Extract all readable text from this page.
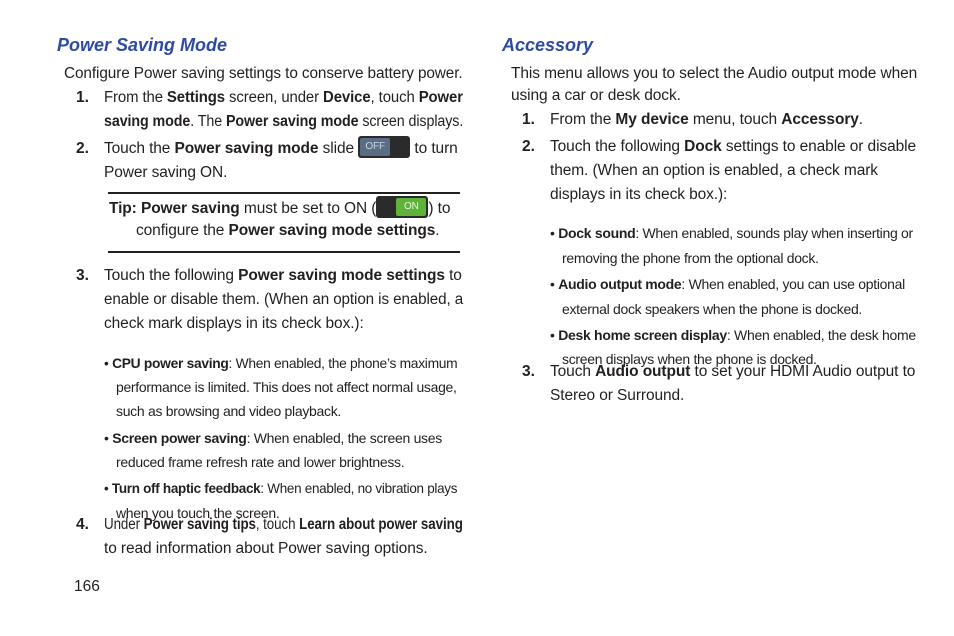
Power Saving Mode

Configure Power saving settings to conserve battery power.

1. From the Settings screen, under Device, touch Power

saving mode. The Power saving mode screen displays.

2. Touch the Power saving mode slide OFF	to turn

Power saving ON.

Tip: Power saving must be set to ON (	ON ) to

configure the Power saving mode settings.

3. Touch the following Power saving mode settings to

enable or disable them. (When an option is enabled, a

check mark displays in its check box.):

• CPU power saving: When enabled, the phone’s maximum

performance is limited. This does not affect normal usage,

such as browsing and video playback.

• Screen power saving: When enabled, the screen uses

reduced frame refresh rate and lower brightness.

• Turn off haptic feedback: When enabled, no vibration plays

when you touch the screen.

4. Under Power saving tips, touch Learn about power saving

to read information about Power saving options.

166
Accessory

This menu allows you to select the Audio output mode when

using a car or desk dock.

1. From the My device menu, touch Accessory.

2. Touch the following Dock settings to enable or disable

them. (When an option is enabled, a check mark

displays in its check box.):

• Dock sound: When enabled, sounds play when inserting or

removing the phone from the optional dock.

• Audio output mode: When enabled, you can use optional

external dock speakers when the phone is docked.

• Desk home screen display: When enabled, the desk home

screen displays when the phone is docked.

3. Touch Audio output to set your HDMI Audio output to

Stereo or Surround.
